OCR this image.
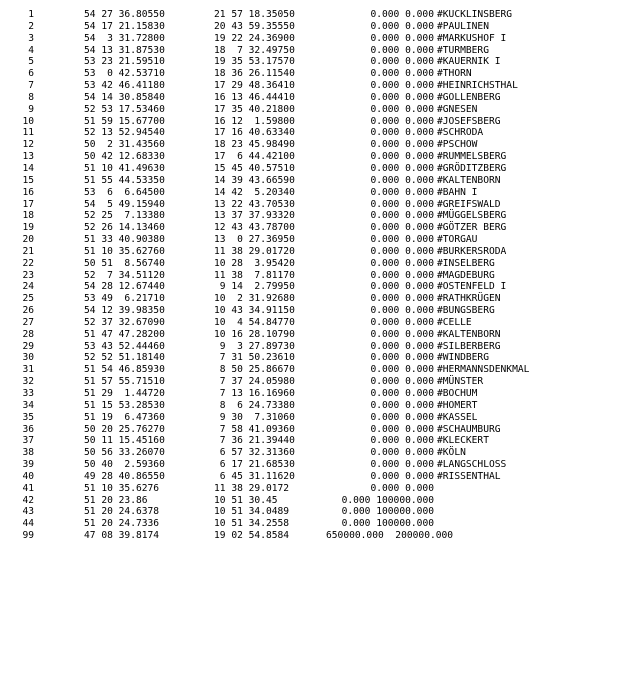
1	54 27 36.80550	21 57 18.35050	0.000 0.000 #KUCKLINSBERG
2	54 17 21.15830	20 43 59.35550	0.000 0.000 #PAULINEN
3	54  3 31.72800	19 22 24.36900	0.000 0.000 #MARKUSHOF I
4	54 13 31.87530	18  7 32.49750	0.000 0.000 #TURMBERG
5	53 23 21.59510	19 35 53.17570	0.000 0.000 #KAUERNIK I
6	53  0 42.53710	18 36 26.11540	0.000 0.000 #THORN
7	53 42 46.41180	17 29 48.36410	0.000 0.000 #HEINRICHSTHAL
8	54 14 30.85840	16 13 46.44410	0.000 0.000 #GOLLENBERG
9	52 53 17.53460	17 35 40.21800	0.000 0.000 #GNESEN
10	51 59 15.67700	16 12  1.59800	0.000 0.000 #JOSEFSBERG
11	52 13 52.94540	17 16 40.63340	0.000 0.000 #SCHRODA
12	50  2 31.43560	18 23 45.98490	0.000 0.000 #PSCHOW
13	50 42 12.68330	17  6 44.42100	0.000 0.000 #RUMMELSBERG
14	51 10 41.49630	15 45 40.57510	0.000 0.000 #GRÖDITZBERG
15	51 55 44.53350	14 39 43.66590	0.000 0.000 #KALTENBORN
16	53  6  6.64500	14 42  5.20340	0.000 0.000 #BAHN I
17	54  5 49.15940	13 22 43.70530	0.000 0.000 #GREIFSWALD
18	52 25  7.13380	13 37 37.93320	0.000 0.000 #MÜGGELSBERG
19	52 26 14.13460	12 43 43.78700	0.000 0.000 #GÖTZER BERG
20	51 33 40.90380	13  0 27.36950	0.000 0.000 #TORGAU
21	51 10 35.62760	11 38 29.01720	0.000 0.000 #BURKERSRODA
22	50 51  8.56740	10 28  3.95420	0.000 0.000 #INSELBERG
23	52  7 34.51120	11 38  7.81170	0.000 0.000 #MAGDEBURG
24	54 28 12.67440	9 14  2.79950	0.000 0.000 #OSTENFELD I
25	53 49  6.21710	10  2 31.92680	0.000 0.000 #RATHKRÜGEN
26	54 12 39.98350	10 43 34.91150	0.000 0.000 #BUNGSBERG
27	52 37 32.67090	10  4 54.84770	0.000 0.000 #CELLE
28	51 47 47.28200	10 16 28.10790	0.000 0.000 #KALTENBORN
29	53 43 52.44460	9  3 27.89730	0.000 0.000 #SILBERBERG
30	52 52 51.18140	7 31 50.23610	0.000 0.000 #WINDBERG
31	51 54 46.85930	8 50 25.86670	0.000 0.000 #HERMANNSDENKMAL
32	51 57 55.71510	7 37 24.05980	0.000 0.000 #MÜNSTER
33	51 29  1.44720	7 13 16.16960	0.000 0.000 #BOCHUM
34	51 15 53.28530	8  6 24.73380	0.000 0.000 #HOMERT
35	51 19  6.47360	9 30  7.31060	0.000 0.000 #KASSEL
36	50 20 25.76270	7 58 41.09360	0.000 0.000 #SCHAUMBURG
37	50 11 15.45160	7 36 21.39440	0.000 0.000 #KLECKERT
38	50 56 33.26070	6 57 32.31360	0.000 0.000 #KÖLN
39	50 40  2.59360	6 17 21.68530	0.000 0.000 #LANGSCHLOSS
40	49 28 40.86550	6 45 31.11620	0.000 0.000 #RISSENTHAL
41	51 10 35.6276	11 38 29.0172	0.000 0.000
42	51 20 23.86	10 51 30.45	0.000 100000.000
43	51 20 24.6378	10 51 34.0489	0.000 100000.000
44	51 20 24.7336	10 51 34.2558	0.000 100000.000
99	47 08 39.8174	19 02 54.8584	650000.000  200000.000
